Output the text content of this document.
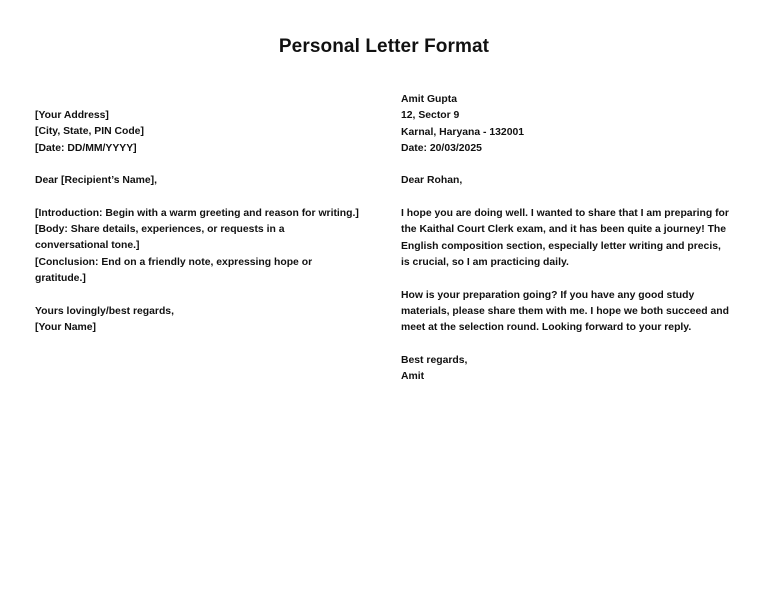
Personal Letter Format
[Your Address]
[City, State, PIN Code]
[Date: DD/MM/YYYY]
Dear [Recipient’s Name],
[Introduction: Begin with a warm greeting and reason for writing.]
[Body: Share details, experiences, or requests in a conversational tone.]
[Conclusion: End on a friendly note, expressing hope or gratitude.]
Yours lovingly/best regards,
[Your Name]
Amit Gupta
12, Sector 9
Karnal, Haryana - 132001
Date: 20/03/2025
Dear Rohan,
I hope you are doing well. I wanted to share that I am preparing for the Kaithal Court Clerk exam, and it has been quite a journey! The English composition section, especially letter writing and precis, is crucial, so I am practicing daily.
How is your preparation going? If you have any good study materials, please share them with me. I hope we both succeed and meet at the selection round. Looking forward to your reply.
Best regards,
Amit
